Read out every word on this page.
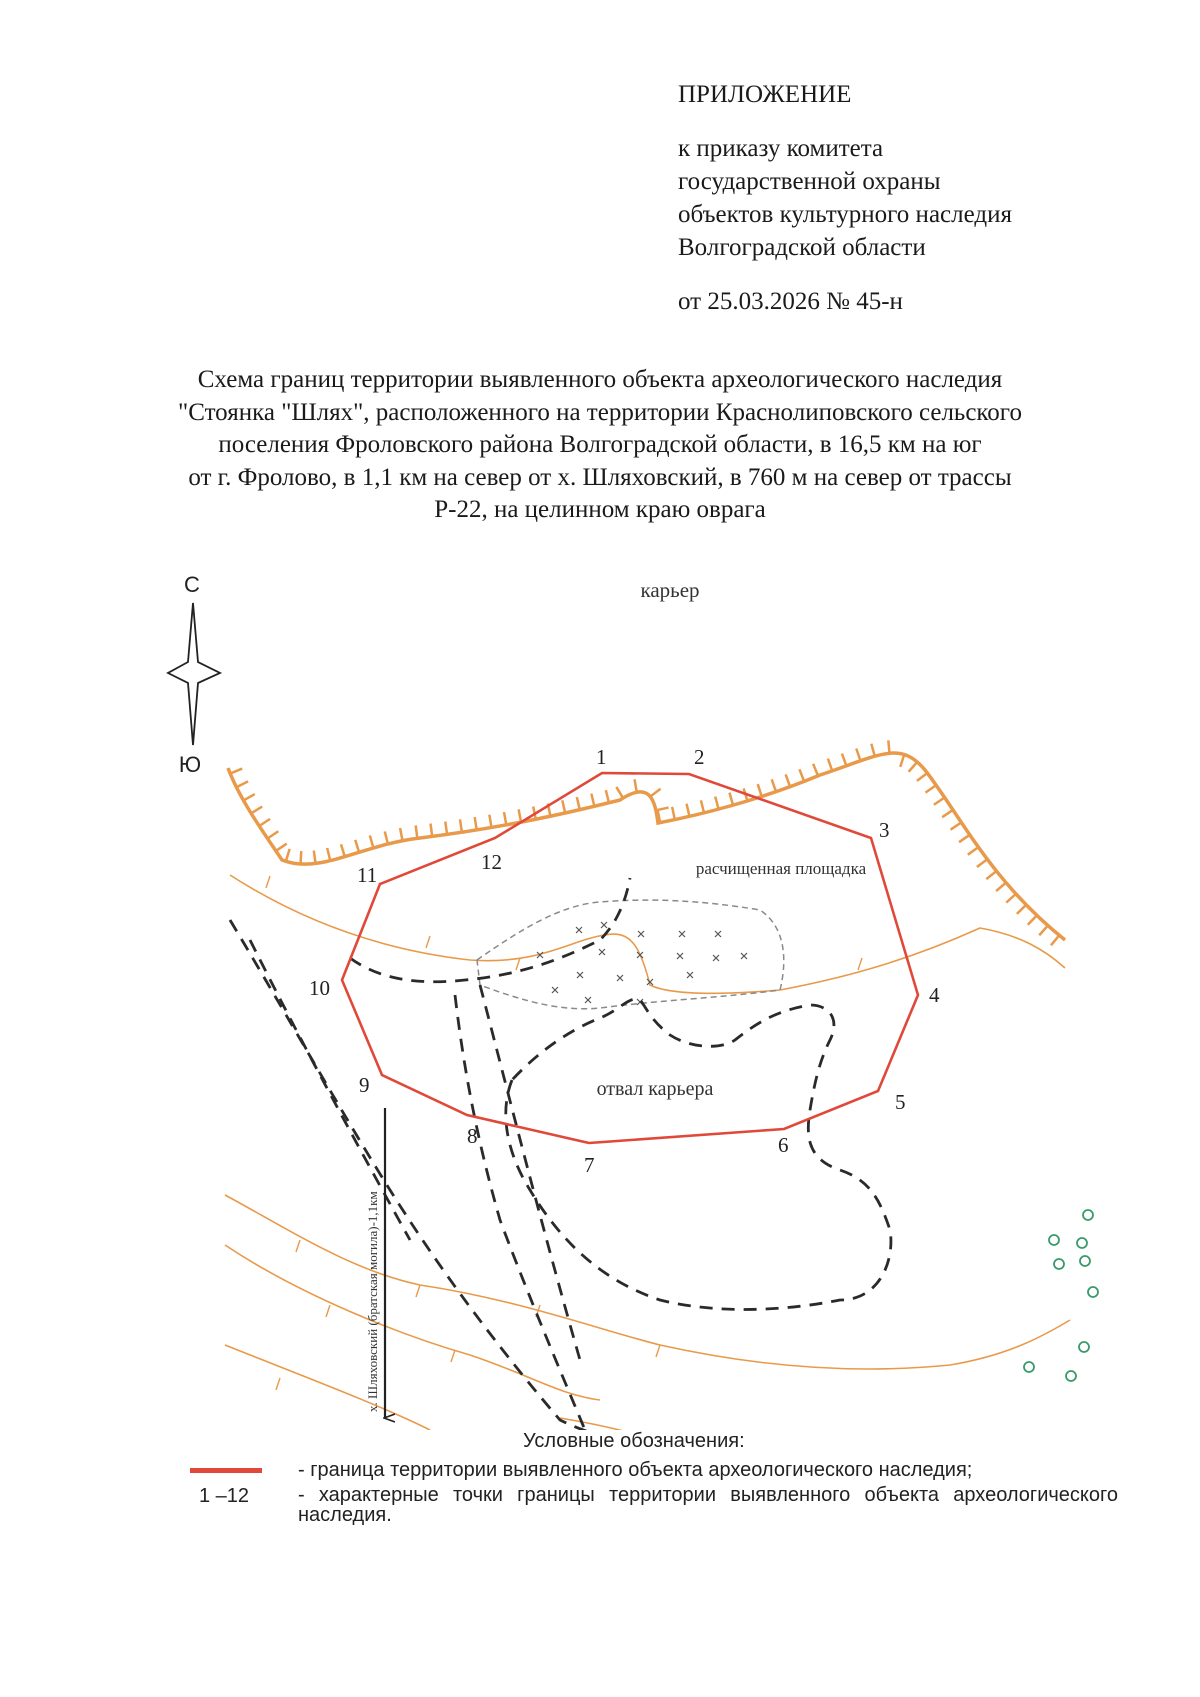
ПРИЛОЖЕНИЕ
к приказу комитета
государственной охраны
объектов культурного наследия
Волгоградской области
от 25.03.2026 № 45-н
Схема границ территории выявленного объекта археологического наследия
"Стоянка "Шлях", расположенного на территории Краснолиповского сельского
поселения Фроловского района Волгоградской области, в 16,5 км на юг
от г. Фролово, в 1,1 км на север от х. Шляховский, в 760 м на север от трассы
Р-22, на целинном краю оврага
С
Ю
карьер
расчищенная площадка
отвал карьера
1	2
3
4
5
6
7
8
9
10
11
12
х. Шляховский (братская могила)-1,1км
Условные обозначения:
- граница территории выявленного объекта археологического наследия;
1 –12 - характерные точки границы территории выявленного объекта археологического наследия.
